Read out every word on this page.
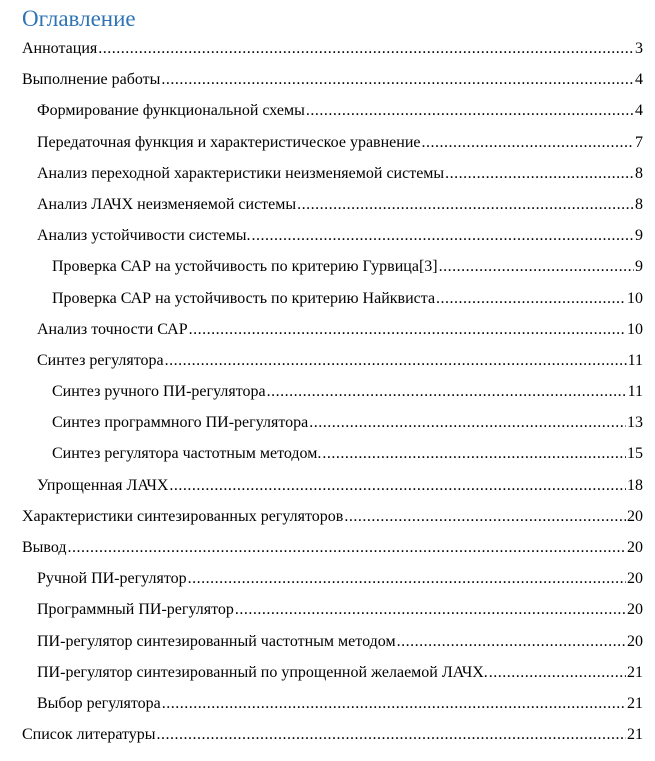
Оглавление
Аннотация .....	3
Выполнение работы .....	4
Формирование функциональной схемы .....	4
Передаточная функция и характеристическое уравнение .....	7
Анализ переходной характеристики неизменяемой системы .....	8
Анализ ЛАЧХ неизменяемой системы .....	8
Анализ устойчивости системы. .....	9
Проверка САР на устойчивость по критерию Гурвица[3] .....	9
Проверка САР на устойчивость по критерию Найквиста .....	10
Анализ точности САР .....	10
Синтез регулятора .....	11
Синтез ручного ПИ-регулятора .....	11
Синтез программного ПИ-регулятора .....	13
Синтез регулятора частотным методом. .....	15
Упрощенная ЛАЧХ .....	18
Характеристики синтезированных регуляторов .....	20
Вывод .....	20
Ручной ПИ-регулятор .....	20
Программный ПИ-регулятор .....	20
ПИ-регулятор синтезированный частотным методом .....	20
ПИ-регулятор синтезированный по упрощенной желаемой ЛАЧХ. .....	21
Выбор регулятора .....	21
Список литературы .....	21
